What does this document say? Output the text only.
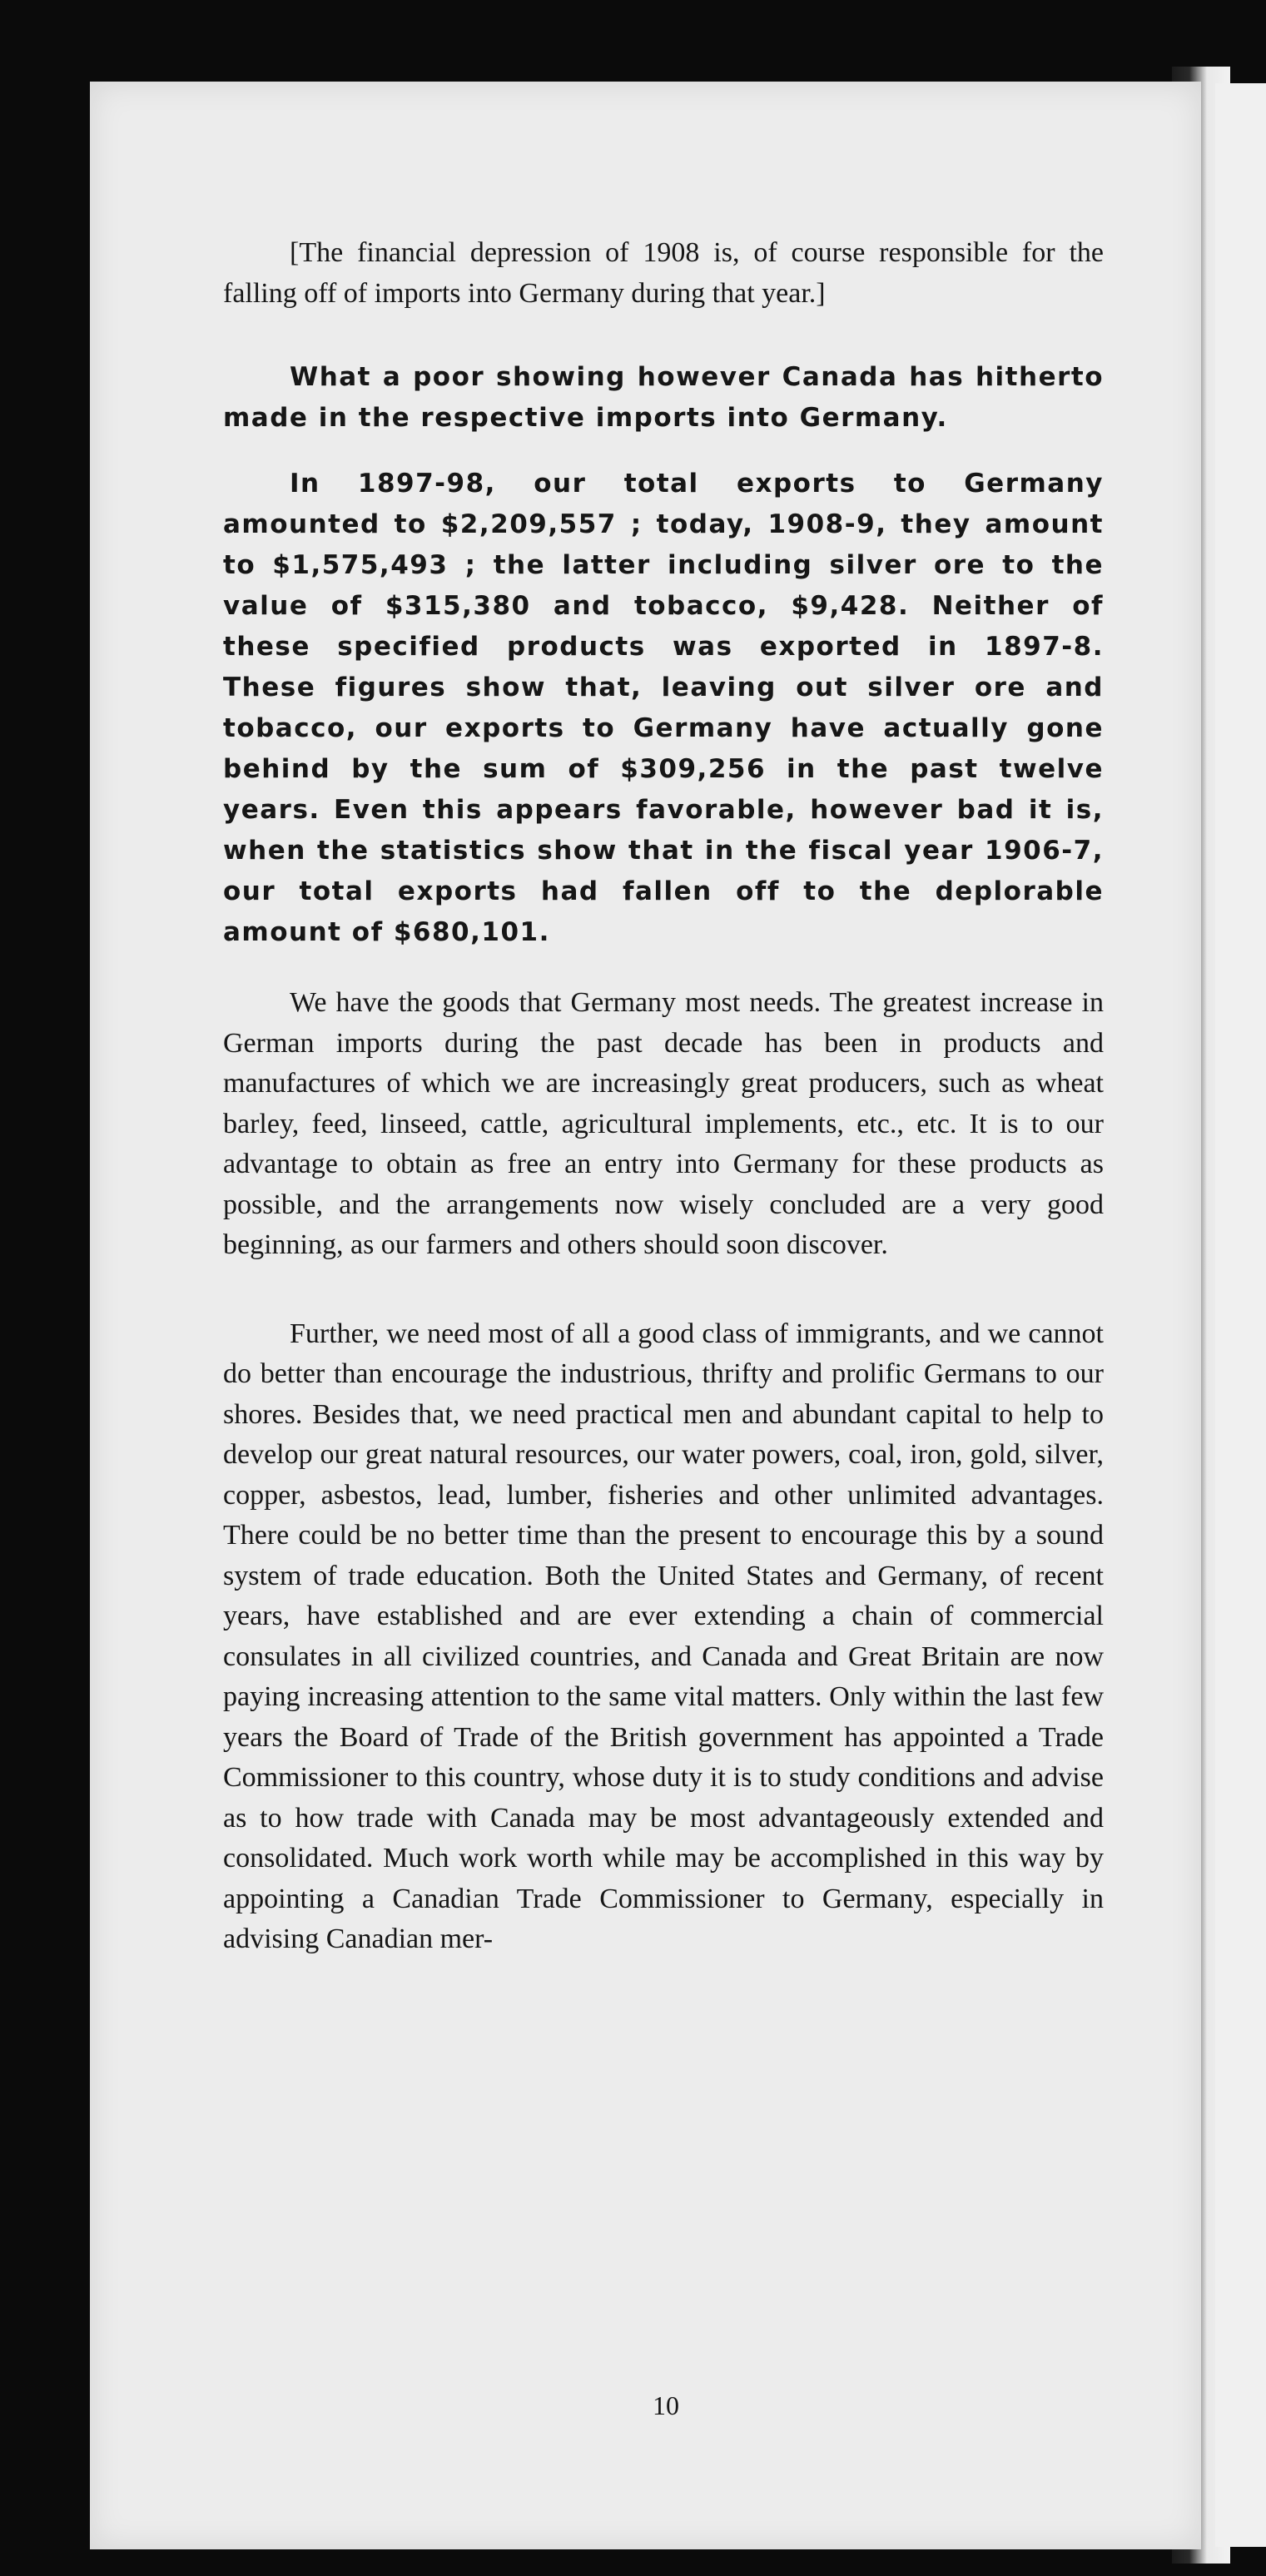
[The financial depression of 1908 is, of course responsible for the falling off of imports into Germany during that year.]

What a poor showing however Canada has hitherto made in the respective imports into Germany.

In 1897-98, our total exports to Germany amounted to $2,209,557 ; today, 1908-9, they amount to $1,575,493 ; the latter including silver ore to the value of $315,380 and tobacco, $9,428. Neither of these specified products was exported in 1897-8. These figures show that, leaving out silver ore and tobacco, our exports to Germany have actually gone behind by the sum of $309,256 in the past twelve years. Even this appears favorable, however bad it is, when the statistics show that in the fiscal year 1906-7, our total exports had fallen off to the deplorable amount of $680,101.

We have the goods that Germany most needs. The greatest increase in German imports during the past decade has been in products and manufactures of which we are increasingly great producers, such as wheat barley, feed, linseed, cattle, agricultural implements, etc., etc. It is to our advantage to obtain as free an entry into Germany for these products as possible, and the arrangements now wisely concluded are a very good beginning, as our farmers and others should soon discover.

Further, we need most of all a good class of immigrants, and we cannot do better than encourage the industrious, thrifty and prolific Germans to our shores. Besides that, we need practical men and abundant capital to help to develop our great natural resources, our water powers, coal, iron, gold, silver, copper, asbestos, lead, lumber, fisheries and other unlimited advantages. There could be no better time than the present to encourage this by a sound system of trade education. Both the United States and Germany, of recent years, have established and are ever extending a chain of commercial consulates in all civilized countries, and Canada and Great Britain are now paying increasing attention to the same vital matters. Only within the last few years the Board of Trade of the British government has appointed a Trade Commissioner to this country, whose duty it is to study conditions and advise as to how trade with Canada may be most advantageously extended and consolidated. Much work worth while may be accomplished in this way by appointing a Canadian Trade Commissioner to Germany, especially in advising Canadian mer-

10
